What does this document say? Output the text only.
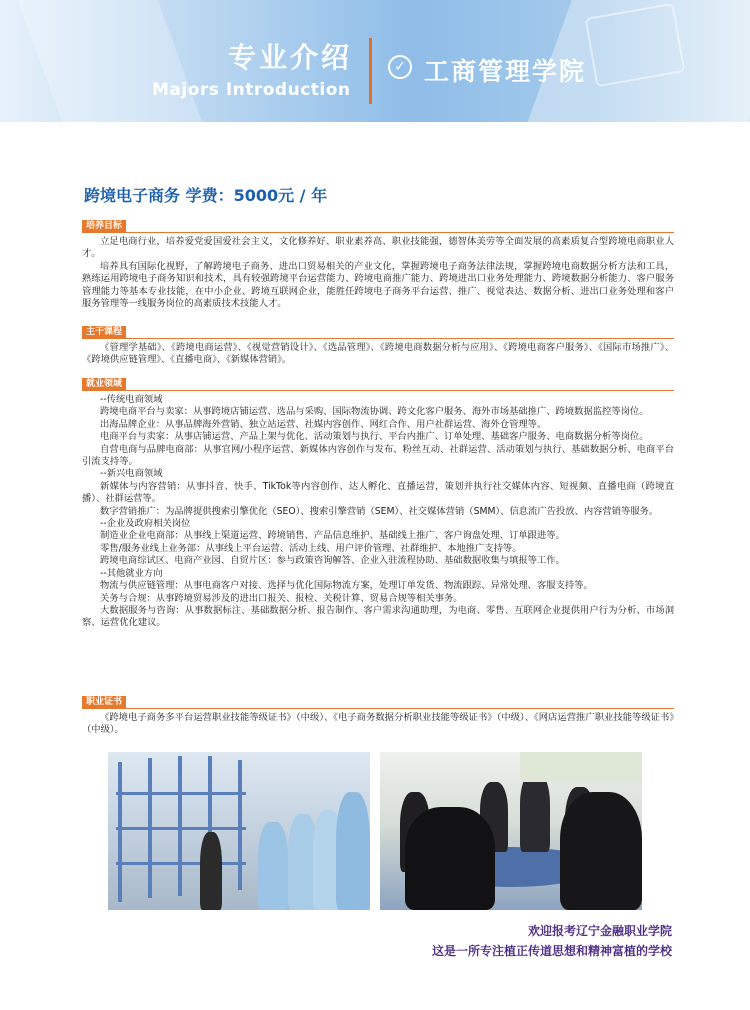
专业介绍
Majors Introduction
✓ 工商管理学院
跨境电子商务 学费：5000元 / 年
培养目标

立足电商行业，培养爱党爱国爱社会主义，文化修养好、职业素养高、职业技能强，德智体美劳等全面发展的高素质复合型跨境电商职业人才。

培养具有国际化视野，了解跨境电子商务、进出口贸易相关的产业文化，掌握跨境电子商务法律法规，掌握跨境电商数据分析方法和工具，熟练运用跨境电子商务知识和技术，具有较强跨境平台运营能力、跨境电商推广能力、跨境进出口业务处理能力、跨境数据分析能力、客户服务管理能力等基本专业技能，在中小企业、跨境互联网企业，能胜任跨境电子商务平台运营、推广、视觉表达、数据分析、进出口业务处理和客户服务管理等一线服务岗位的高素质技术技能人才。

主干课程

《管理学基础》、《跨境电商运营》、《视觉营销设计》、《选品管理》、《跨境电商数据分析与应用》、《跨境电商客户服务》、《国际市场推广》、《跨境供应链管理》、《直播电商》、《新媒体营销》。

就业领域

--传统电商领域

跨境电商平台与卖家：从事跨境店铺运营、选品与采购、国际物流协调、跨文化客户服务、海外市场基础推广、跨境数据监控等岗位。

出海品牌企业：从事品牌海外营销、独立站运营、社媒内容创作、网红合作、用户社群运营、海外仓管理等。

电商平台与卖家：从事店铺运营、产品上架与优化、活动策划与执行、平台内推广、订单处理、基础客户服务、电商数据分析等岗位。

自营电商与品牌电商部：从事官网/小程序运营、新媒体内容创作与发布、粉丝互动、社群运营、活动策划与执行、基础数据分析、电商平台引流支持等。

--新兴电商领域

新媒体与内容营销：从事抖音、快手、TikTok等内容创作、达人孵化、直播运营，策划并执行社交媒体内容、短视频、直播电商（跨境直播）、社群运营等。

数字营销推广：为品牌提供搜索引擎优化（SEO）、搜索引擎营销（SEM）、社交媒体营销（SMM）、信息流广告投放、内容营销等服务。

--企业及政府相关岗位

制造业企业电商部：从事线上渠道运营、跨境销售、产品信息维护、基础线上推广、客户询盘处理、订单跟进等。

零售/服务业线上业务部：从事线上平台运营、活动上线、用户评价管理、社群维护、本地推广支持等。

跨境电商综试区、电商产业园、自贸片区：参与政策咨询解答、企业入驻流程协助、基础数据收集与填报等工作。

--其他就业方向

物流与供应链管理：从事电商客户对接、选择与优化国际物流方案，处理订单发货、物流跟踪、异常处理、客服支持等。

关务与合规：从事跨境贸易涉及的进出口报关、报检、关税计算、贸易合规等相关事务。

大数据服务与咨询：从事数据标注、基础数据分析、报告制作、客户需求沟通助理，为电商、零售、互联网企业提供用户行为分析、市场洞察、运营优化建议。

职业证书

《跨境电子商务多平台运营职业技能等级证书》（中级）、《电子商务数据分析职业技能等级证书》（中级）、《网店运营推广职业技能等级证书》（中级）。

欢迎报考辽宁金融职业学院
这是一所专注植正传道思想和精神富植的学校
